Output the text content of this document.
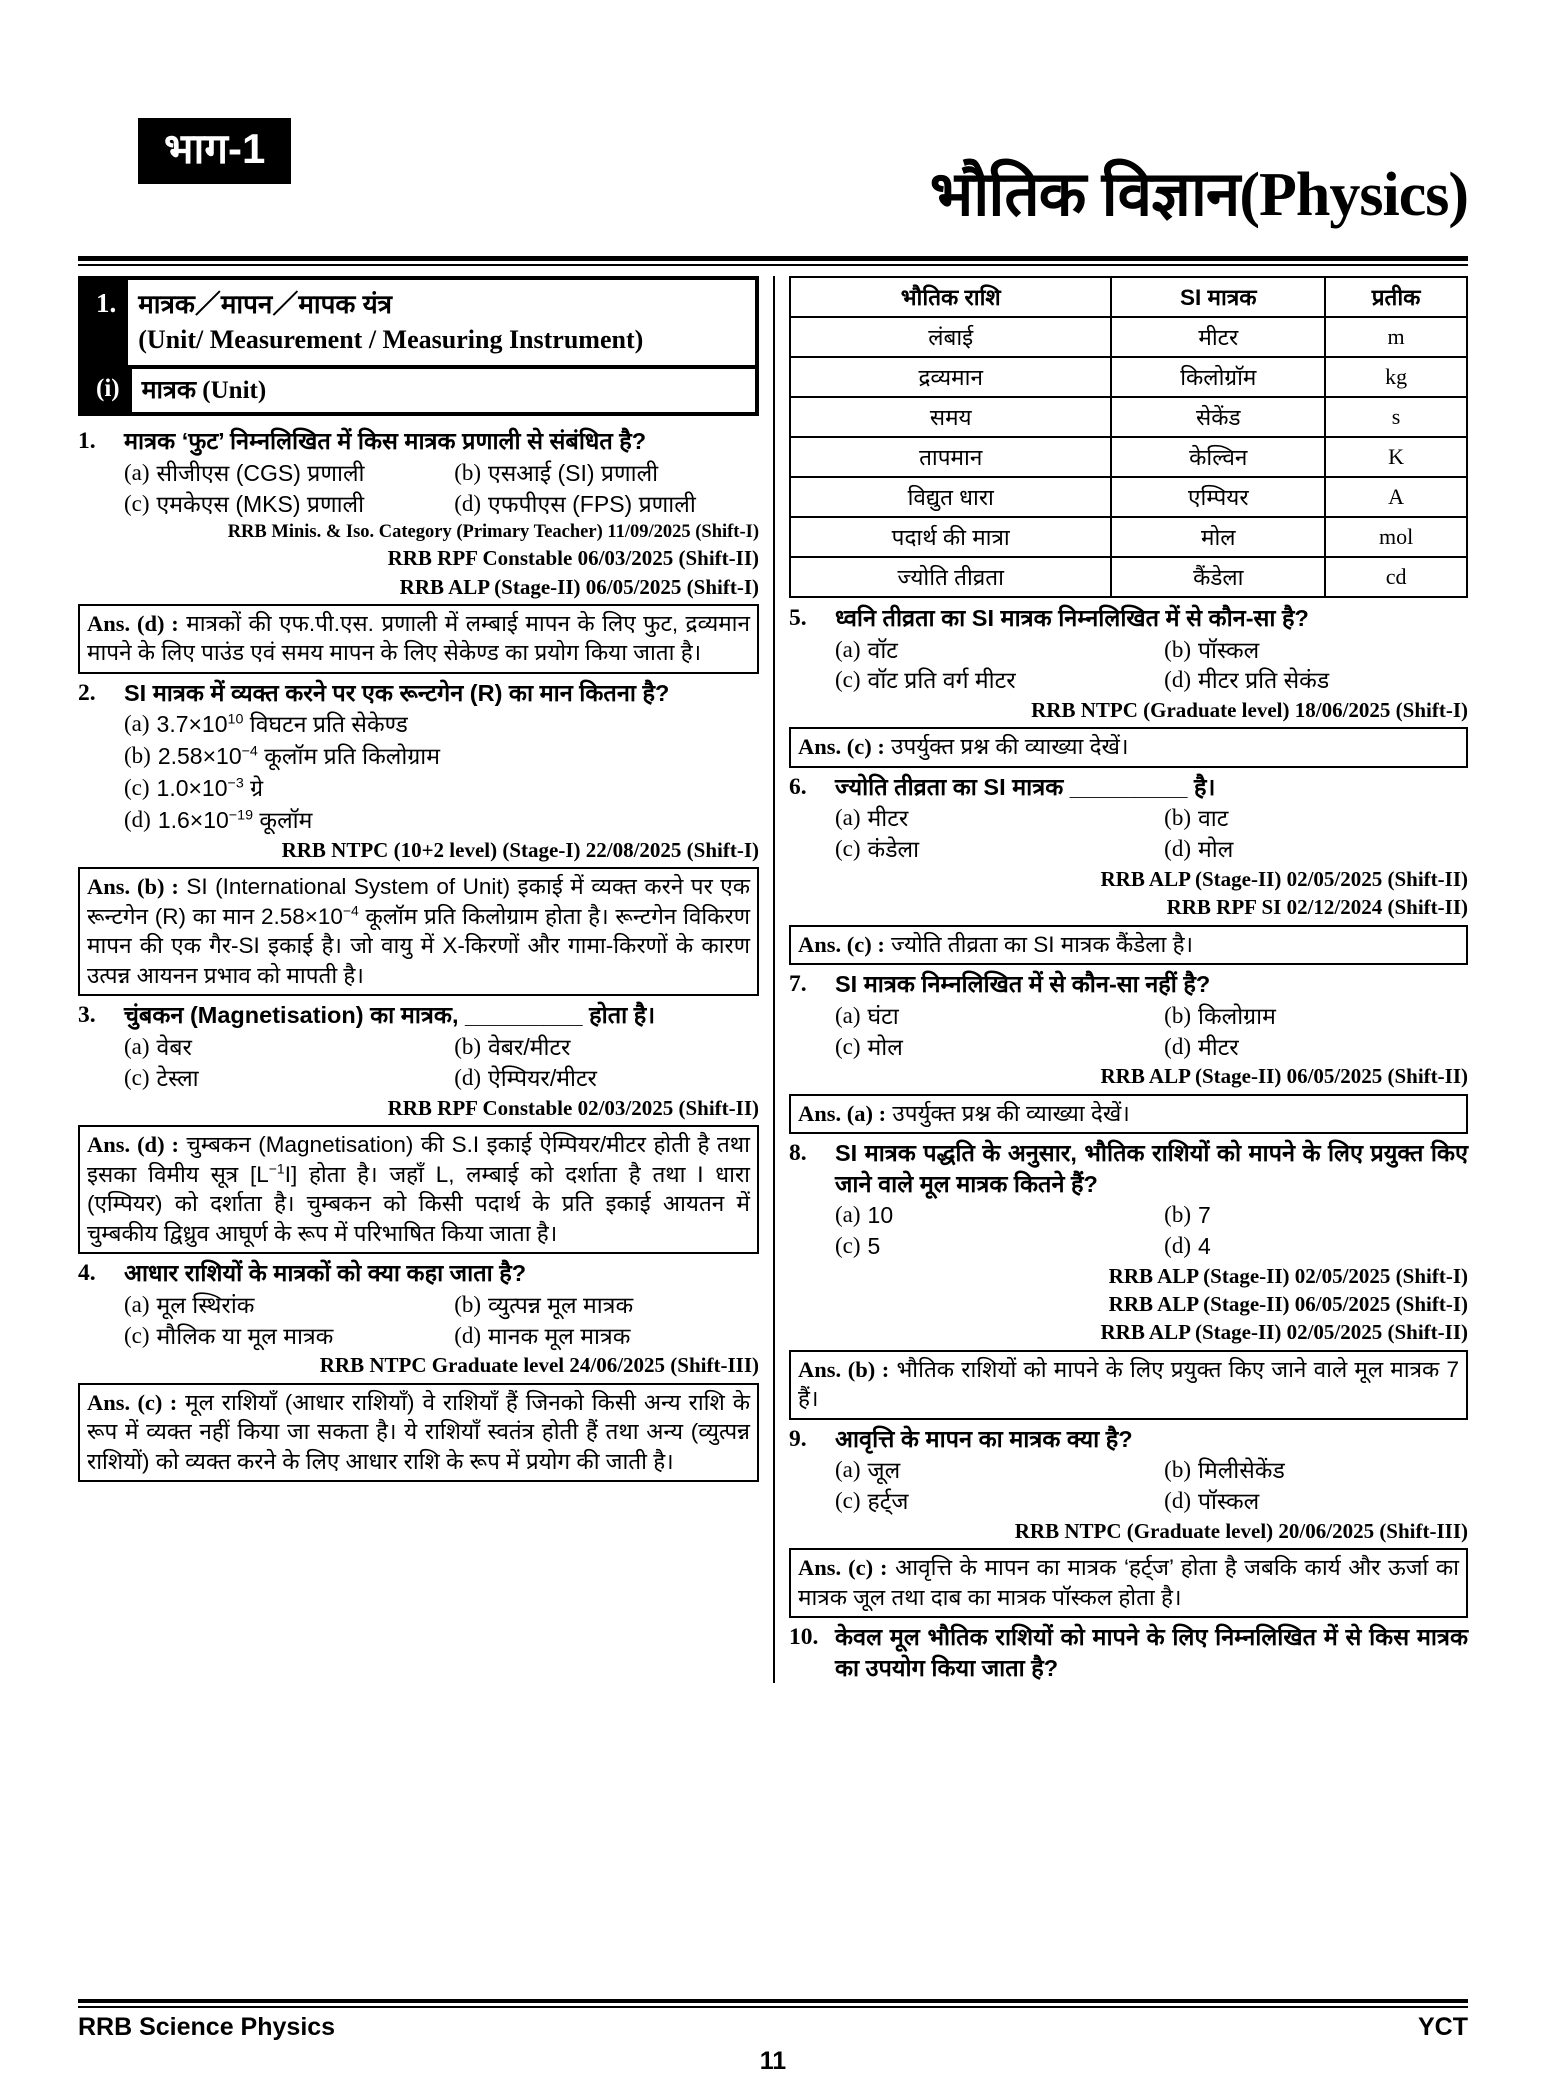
भाग-1
भौतिक विज्ञान(Physics)
1. मात्रक／मापन／मापक यंत्र
(Unit/ Measurement / Measuring Instrument)
(i) मात्रक (Unit)
1.	मात्रक ‘फुट’ निम्नलिखित में किस मात्रक प्रणाली से संबंधित है?
(a) सीजीएस (CGS) प्रणाली	(b) एसआई (SI) प्रणाली
(c) एमकेएस (MKS) प्रणाली	(d) एफपीएस (FPS) प्रणाली
RRB Minis. & Iso. Category (Primary Teacher) 11/09/2025 (Shift-I)
RRB RPF Constable 06/03/2025 (Shift-II)
RRB ALP (Stage-II) 06/05/2025 (Shift-I)
Ans. (d) : मात्रकों की एफ.पी.एस. प्रणाली में लम्बाई मापन के लिए फुट, द्रव्यमान मापने के लिए पाउंड एवं समय मापन के लिए सेकेण्ड का प्रयोग किया जाता है।
2.	SI मात्रक में व्यक्त करने पर एक रून्टगेन (R) का मान कितना है?
(a) $3.7\times 10^{10}$ विघटन प्रति सेकेण्ड
(b) $2.58\times 10^{-4}$ कूलॉम प्रति किलोग्राम
(c) $1.0\times 10^{-3}$ ग्रे
(d) $1.6\times 10^{-19}$ कूलॉम
RRB NTPC (10+2 level) (Stage-I) 22/08/2025 (Shift-I)
Ans. (b) : SI (International System of Unit) इकाई में व्यक्त करने पर एक रून्टगेन (R) का मान $2.58\times 10^{-4}$ कूलॉम प्रति किलोग्राम होता है। रून्टगेन विकिरण मापन की एक गैर-SI इकाई है। जो वायु में X-किरणों और गामा-किरणों के कारण उत्पन्न आयनन प्रभाव को मापती है।
3.	चुंबकन (Magnetisation) का मात्रक, _________ होता है।
(a) वेबर	(b) वेबर/मीटर
(c) टेस्ला	(d) ऐम्पियर/मीटर
RRB RPF Constable 02/03/2025 (Shift-II)
Ans. (d) : चुम्बकन (Magnetisation) की S.I इकाई ऐम्पियर/मीटर होती है तथा इसका विमीय सूत्र $[L^{-1}I]$ होता है। जहाँ L, लम्बाई को दर्शाता है तथा I धारा (एम्पियर) को दर्शाता है। चुम्बकन को किसी पदार्थ के प्रति इकाई आयतन में चुम्बकीय द्विध्रुव आघूर्ण के रूप में परिभाषित किया जाता है।
4.	आधार राशियों के मात्रकों को क्या कहा जाता है?
(a) मूल स्थिरांक	(b) व्युत्पन्न मूल मात्रक
(c) मौलिक या मूल मात्रक	(d) मानक मूल मात्रक
RRB NTPC Graduate level 24/06/2025 (Shift-III)
Ans. (c) : मूल राशियाँ (आधार राशियाँ) वे राशियाँ हैं जिनको किसी अन्य राशि के रूप में व्यक्त नहीं किया जा सकता है। ये राशियाँ स्वतंत्र होती हैं तथा अन्य (व्युत्पन्न राशियों) को व्यक्त करने के लिए आधार राशि के रूप में प्रयोग की जाती है।
भौतिक राशि	SI मात्रक	प्रतीक
लंबाई	मीटर	m
द्रव्यमान	किलोग्राॅम	kg
समय	सेकेंड	s
तापमान	केल्विन	K
विद्युत धारा	एम्पियर	A
पदार्थ की मात्रा	मोल	mol
ज्योति तीव्रता	कैंडेला	cd
5.	ध्वनि तीव्रता का SI मात्रक निम्नलिखित में से कौन-सा है?
(a) वॉट	(b) पॉस्कल
(c) वॉट प्रति वर्ग मीटर	(d) मीटर प्रति सेकंड
RRB NTPC (Graduate level) 18/06/2025 (Shift-I)
Ans. (c) : उपर्युक्त प्रश्न की व्याख्या देखें।
6.	ज्योति तीव्रता का SI मात्रक _________ है।
(a) मीटर	(b) वाट
(c) कंडेला	(d) मोल
RRB ALP (Stage-II) 02/05/2025 (Shift-II)
RRB RPF SI 02/12/2024 (Shift-II)
Ans. (c) : ज्योति तीव्रता का SI मात्रक कैंडेला है।
7.	SI मात्रक निम्नलिखित में से कौन-सा नहीं है?
(a) घंटा	(b) किलोग्राम
(c) मोल	(d) मीटर
RRB ALP (Stage-II) 06/05/2025 (Shift-II)
Ans. (a) : उपर्युक्त प्रश्न की व्याख्या देखें।
8.	SI मात्रक पद्धति के अनुसार, भौतिक राशियों को मापने के लिए प्रयुक्त किए जाने वाले मूल मात्रक कितने हैं?
(a) 10	(b) 7
(c) 5	(d) 4
RRB ALP (Stage-II) 02/05/2025 (Shift-I)
RRB ALP (Stage-II) 06/05/2025 (Shift-I)
RRB ALP (Stage-II) 02/05/2025 (Shift-II)
Ans. (b) : भौतिक राशियों को मापने के लिए प्रयुक्त किए जाने वाले मूल मात्रक 7 हैं।
9.	आवृत्ति के मापन का मात्रक क्या है?
(a) जूल	(b) मिलीसेकेंड
(c) हर्ट्ज	(d) पॉस्कल
RRB NTPC (Graduate level) 20/06/2025 (Shift-III)
Ans. (c) : आवृत्ति के मापन का मात्रक ‘हर्ट्ज’ होता है जबकि कार्य और ऊर्जा का मात्रक जूल तथा दाब का मात्रक पॉस्कल होता है।
10. केवल मूल भौतिक राशियों को मापने के लिए निम्नलिखित में से किस मात्रक का उपयोग किया जाता है?
RRB Science Physics	YCT
11
